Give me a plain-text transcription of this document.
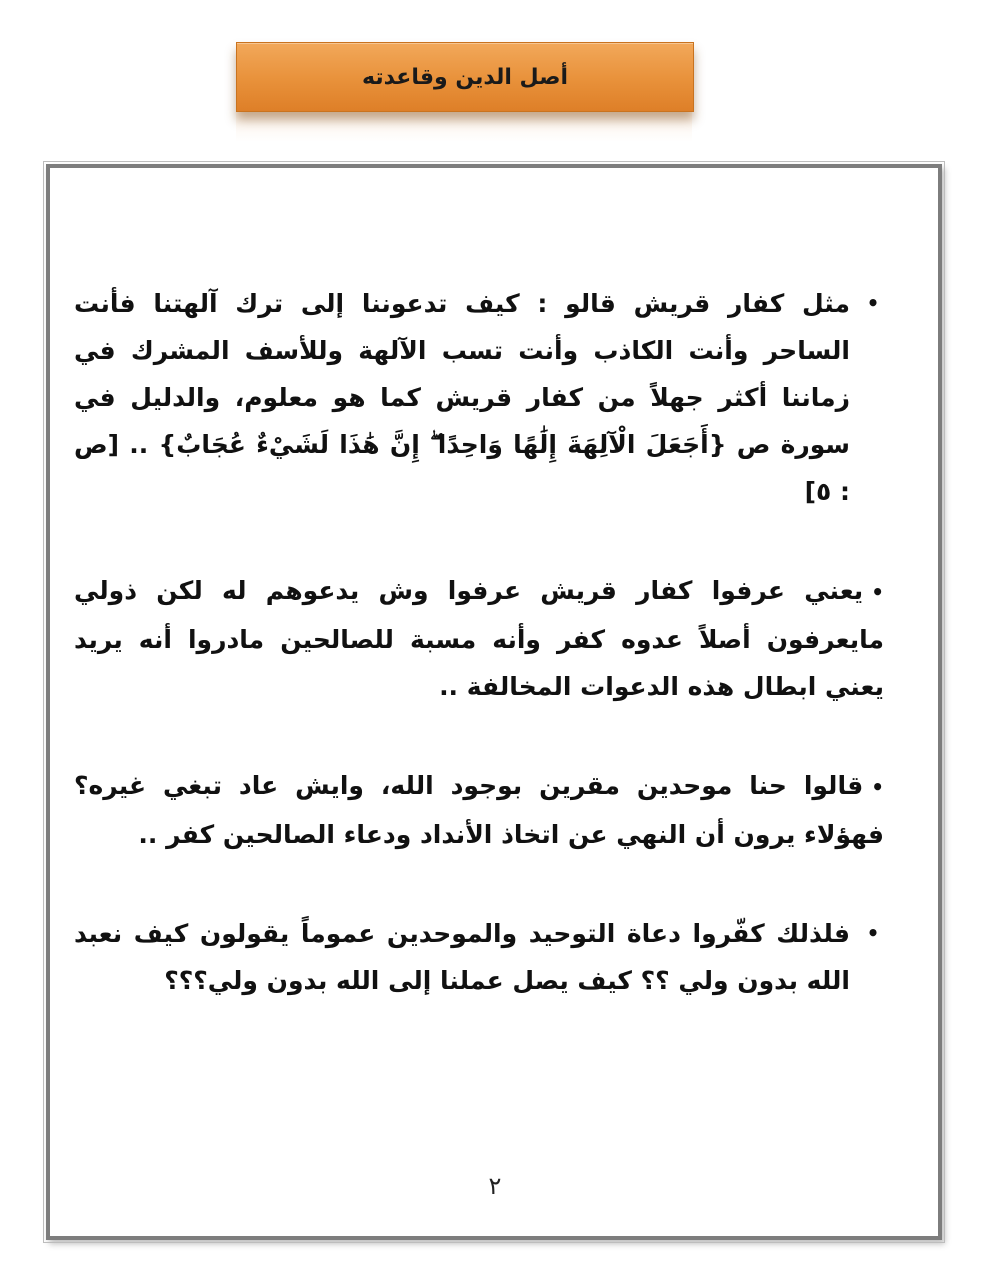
أصل الدين وقاعدته

•
مثل كفار قريش قالو : كيف تدعوننا إلى ترك آلهتنا فأنت الساحر وأنت الكاذب وأنت تسب الآلهة وللأسف المشرك في زماننا أكثر جهلاً من كفار قريش كما هو معلوم، والدليل في سورة ص {أَجَعَلَ الْآلِهَةَ إِلَٰهًا وَاحِدًا ۖ إِنَّ هَٰذَا لَشَيْءٌ عُجَابٌ} .. [ص : ٥]

•يعني عرفوا كفار قريش عرفوا وش يدعوهم له لكن ذولي مايعرفون أصلاً عدوه كفر وأنه مسبة للصالحين مادروا أنه يريد يعني ابطال هذه الدعوات المخالفة ..

•قالوا حنا موحدين مقرين بوجود الله، وايش عاد تبغي غيره؟ فهؤلاء يرون أن النهي عن اتخاذ الأنداد ودعاء الصالحين كفر ..

•
فلذلك كفّروا دعاة التوحيد والموحدين عموماً يقولون كيف نعبد الله بدون ولي ؟؟ كيف يصل عملنا إلى الله بدون ولي؟؟؟

٢
